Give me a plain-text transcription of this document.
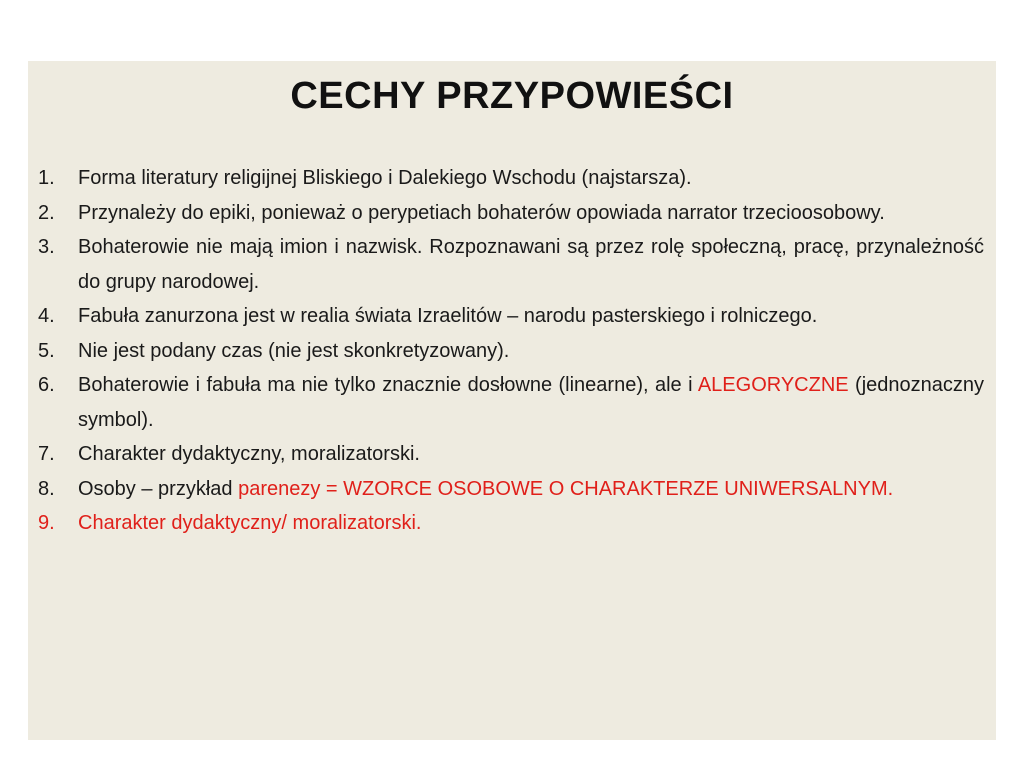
CECHY PRZYPOWIEŚCI
1. Forma literatury religijnej Bliskiego i Dalekiego Wschodu (najstarsza).
2. Przynależy do epiki, ponieważ o perypetiach bohaterów opowiada narrator trzecioosobowy.
3. Bohaterowie nie mają imion i nazwisk. Rozpoznawani są przez rolę społeczną, pracę, przynależność do grupy narodowej.
4. Fabuła zanurzona jest w realia świata Izraelitów – narodu pasterskiego i rolniczego.
5. Nie jest podany czas (nie jest skonkretyzowany).
6. Bohaterowie i fabuła ma nie tylko znacznie dosłowne (linearne), ale i ALEGORYCZNE (jednoznaczny symbol).
7. Charakter dydaktyczny, moralizatorski.
8. Osoby – przykład parenezy = WZORCE OSOBOWE O CHARAKTERZE UNIWERSALNYM.
9. Charakter dydaktyczny/ moralizatorski.
